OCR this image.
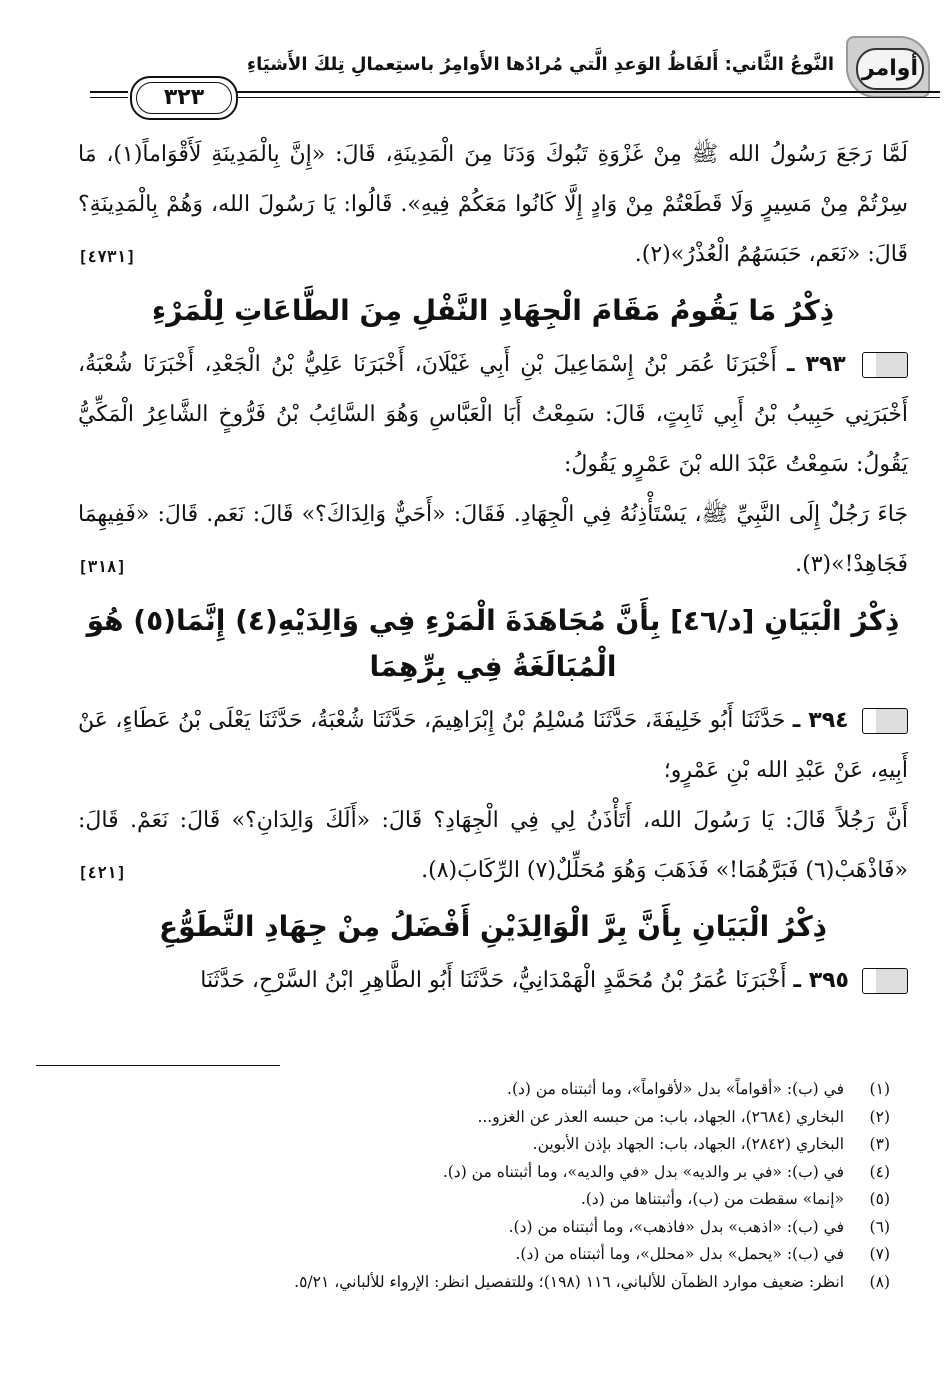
أوامر
النَّوعُ الثَّاني: أَلفَاظُ الوَعدِ الَّتي مُرادُها الأَوامِرُ باستِعمالِ تِلكَ الأَشيَاءِ
٣٢٣

لَمَّا رَجَعَ رَسُولُ الله ﷺ مِنْ غَزْوَةِ تَبُوكَ وَدَنَا مِنَ الْمَدِينَةِ، قَالَ: «إِنَّ بِالْمَدِينَةِ لَأَقْوَاماً(١)، مَا سِرْتُمْ مِنْ مَسِيرٍ وَلَا قَطَعْتُمْ مِنْ وَادٍ إِلَّا كَانُوا مَعَكُمْ فِيهِ». قَالُوا: يَا رَسُولَ الله، وَهُمْ بِالْمَدِينَةِ؟ قَالَ: «نَعَم، حَبَسَهُمُ الْعُذْرُ»(٢).
[٤٧٣١]

ذِكْرُ مَا يَقُومُ مَقَامَ الْجِهَادِ النَّفْلِ مِنَ الطَّاعَاتِ لِلْمَرْءِ

٣٩٣ ـ أَخْبَرَنَا عُمَر بْنُ إِسْمَاعِيلَ بْنِ أَبِي غَيْلَانَ، أَخْبَرَنَا عَلِيُّ بْنُ الْجَعْدِ، أَخْبَرَنَا شُعْبَةُ، أَخْبَرَنِي حَبِيبُ بْنُ أَبِي ثَابِتٍ، قَالَ: سَمِعْتُ أَبَا الْعَبَّاسِ وَهُوَ السَّائِبُ بْنُ فَرُّوخٍ الشَّاعِرُ الْمَكِّيُّ يَقُولُ: سَمِعْتُ عَبْدَ الله بْنَ عَمْرٍو يَقُولُ:

جَاءَ رَجُلٌ إِلَى النَّبِيِّ ﷺ، يَسْتَأْذِنُهُ فِي الْجِهَادِ. فَقَالَ: «أَحَيٌّ وَالِدَاكَ؟» قَالَ: نَعَم. قَالَ: «فَفِيهِمَا فَجَاهِدْ!»(٣).
[٣١٨]

ذِكْرُ الْبَيَانِ [د/٤٦] بِأَنَّ مُجَاهَدَةَ الْمَرْءِ فِي وَالِدَيْهِ(٤) إِنَّمَا(٥) هُوَ الْمُبَالَغَةُ فِي بِرِّهِمَا

٣٩٤ ـ حَدَّثَنَا أَبُو خَلِيفَةَ، حَدَّثَنَا مُسْلِمُ بْنُ إِبْرَاهِيمَ، حَدَّثَنَا شُعْبَةُ، حَدَّثَنَا يَعْلَى بْنُ عَطَاءٍ، عَنْ أَبِيهِ، عَنْ عَبْدِ الله بْنِ عَمْرٍو؛

أَنَّ رَجُلاً قَالَ: يَا رَسُولَ الله، أَتَأْذَنُ لِي فِي الْجِهَادِ؟ قَالَ: «أَلَكَ وَالِدَانِ؟» قَالَ: نَعَمْ. قَالَ: «فَاذْهَبْ(٦) فَبَرَّهُمَا!» فَذَهَبَ وَهُوَ مُحَلِّلٌ(٧) الرِّكَابَ(٨).
[٤٢١]

ذِكْرُ الْبَيَانِ بِأَنَّ بِرَّ الْوَالِدَيْنِ أَفْضَلُ مِنْ جِهَادِ التَّطَوُّعِ

٣٩٥ ـ أَخْبَرَنَا عُمَرُ بْنُ مُحَمَّدٍ الْهَمْدَانِيُّ، حَدَّثَنَا أَبُو الطَّاهِرِ ابْنُ السَّرْحِ، حَدَّثَنَا

(١)في (ب): «أقواماً» بدل «لأقواماً»، وما أثبتناه من (د).

(٢)البخاري (٢٦٨٤)، الجهاد، باب: من حبسه العذر عن الغزو...

(٣)البخاري (٢٨٤٢)، الجهاد، باب: الجهاد بإذن الأبوين.

(٤)في (ب): «في بر والديه» بدل «في والديه»، وما أثبتناه من (د).

(٥)«إنما» سقطت من (ب)، وأثبتناها من (د).

(٦)في (ب): «اذهب» بدل «فاذهب»، وما أثبتناه من (د).

(٧)في (ب): «يحمل» بدل «محلل»، وما أثبتناه من (د).

(٨)انظر: ضعيف موارد الظمآن للألباني، ١١٦ (١٩٨)؛ وللتفصيل انظر: الإرواء للألباني، ٥/٢١.
